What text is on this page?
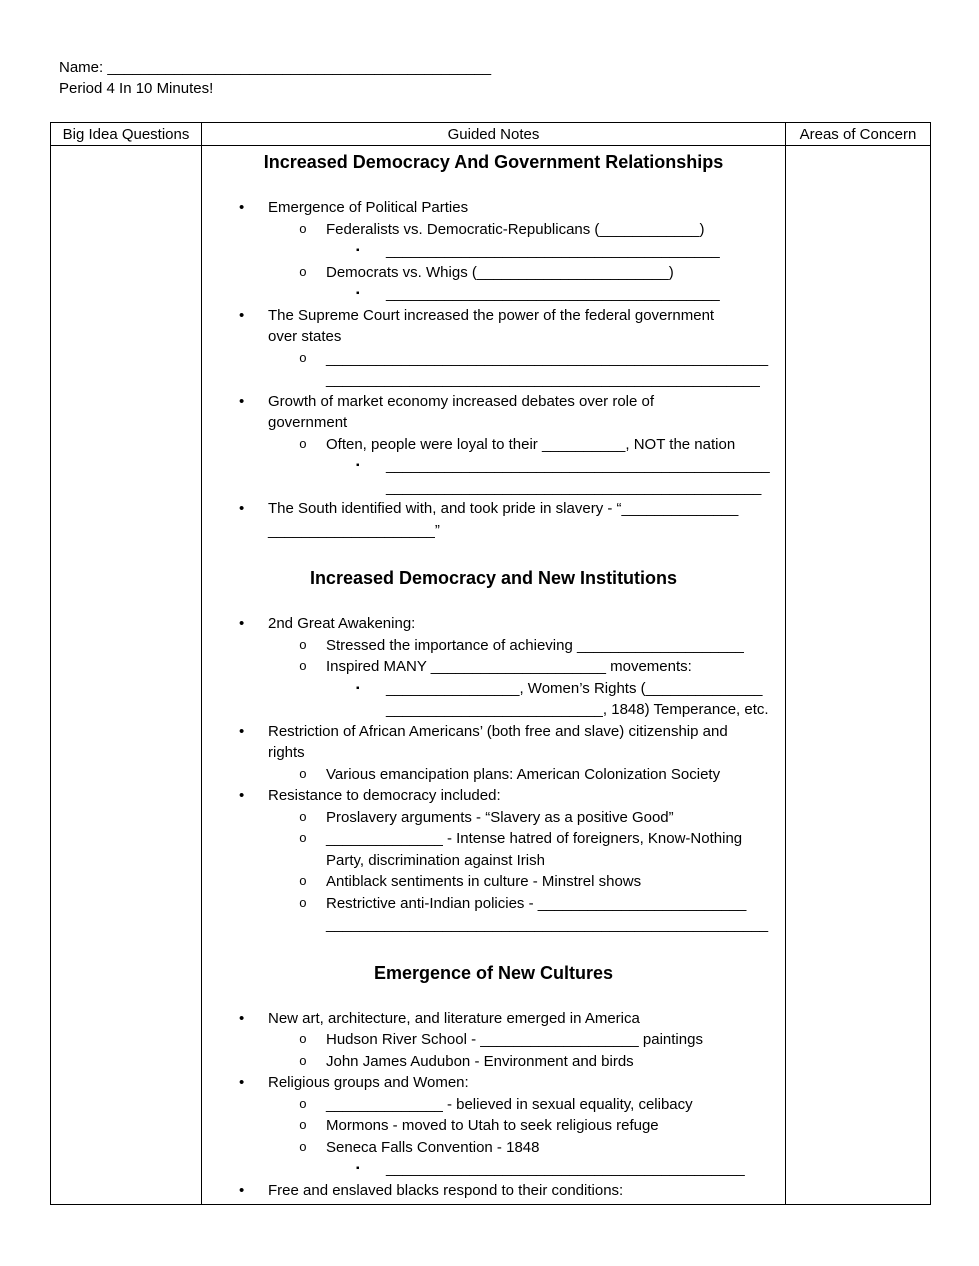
Name: ______________________________________________
Period 4 In 10 Minutes!
Big Idea Questions	Guided Notes	Areas of Concern

Increased Democracy And Government Relationships
• Emergence of Political Parties
o Federalists vs. Democratic-Republicans (____________)
▪ ________________________________________
o Democrats vs. Whigs (_______________________)
▪ ________________________________________
• The Supreme Court increased the power of the federal government
over states
o _____________________________________________________
____________________________________________________
• Growth of market economy increased debates over role of
government
o Often, people were loyal to their __________, NOT the nation
▪ ______________________________________________
_____________________________________________
• The South identified with, and took pride in slavery - “______________
____________________”
Increased Democracy and New Institutions
• 2nd Great Awakening:
o Stressed the importance of achieving ____________________
o Inspired MANY _____________________ movements:
▪ ________________, Women’s Rights (______________
__________________________, 1848) Temperance, etc.
• Restriction of African Americans’ (both free and slave) citizenship and
rights
o Various emancipation plans: American Colonization Society
• Resistance to democracy included:
o Proslavery arguments - “Slavery as a positive Good”
o ______________ - Intense hatred of foreigners, Know-Nothing
Party, discrimination against Irish
o Antiblack sentiments in culture - Minstrel shows
o Restrictive anti-Indian policies - _________________________
_____________________________________________________
Emergence of New Cultures
• New art, architecture, and literature emerged in America
o Hudson River School - ___________________ paintings
o John James Audubon - Environment and birds
• Religious groups and Women:
o ______________ - believed in sexual equality, celibacy
o Mormons - moved to Utah to seek religious refuge
o Seneca Falls Convention - 1848
▪ ___________________________________________
• Free and enslaved blacks respond to their conditions:
